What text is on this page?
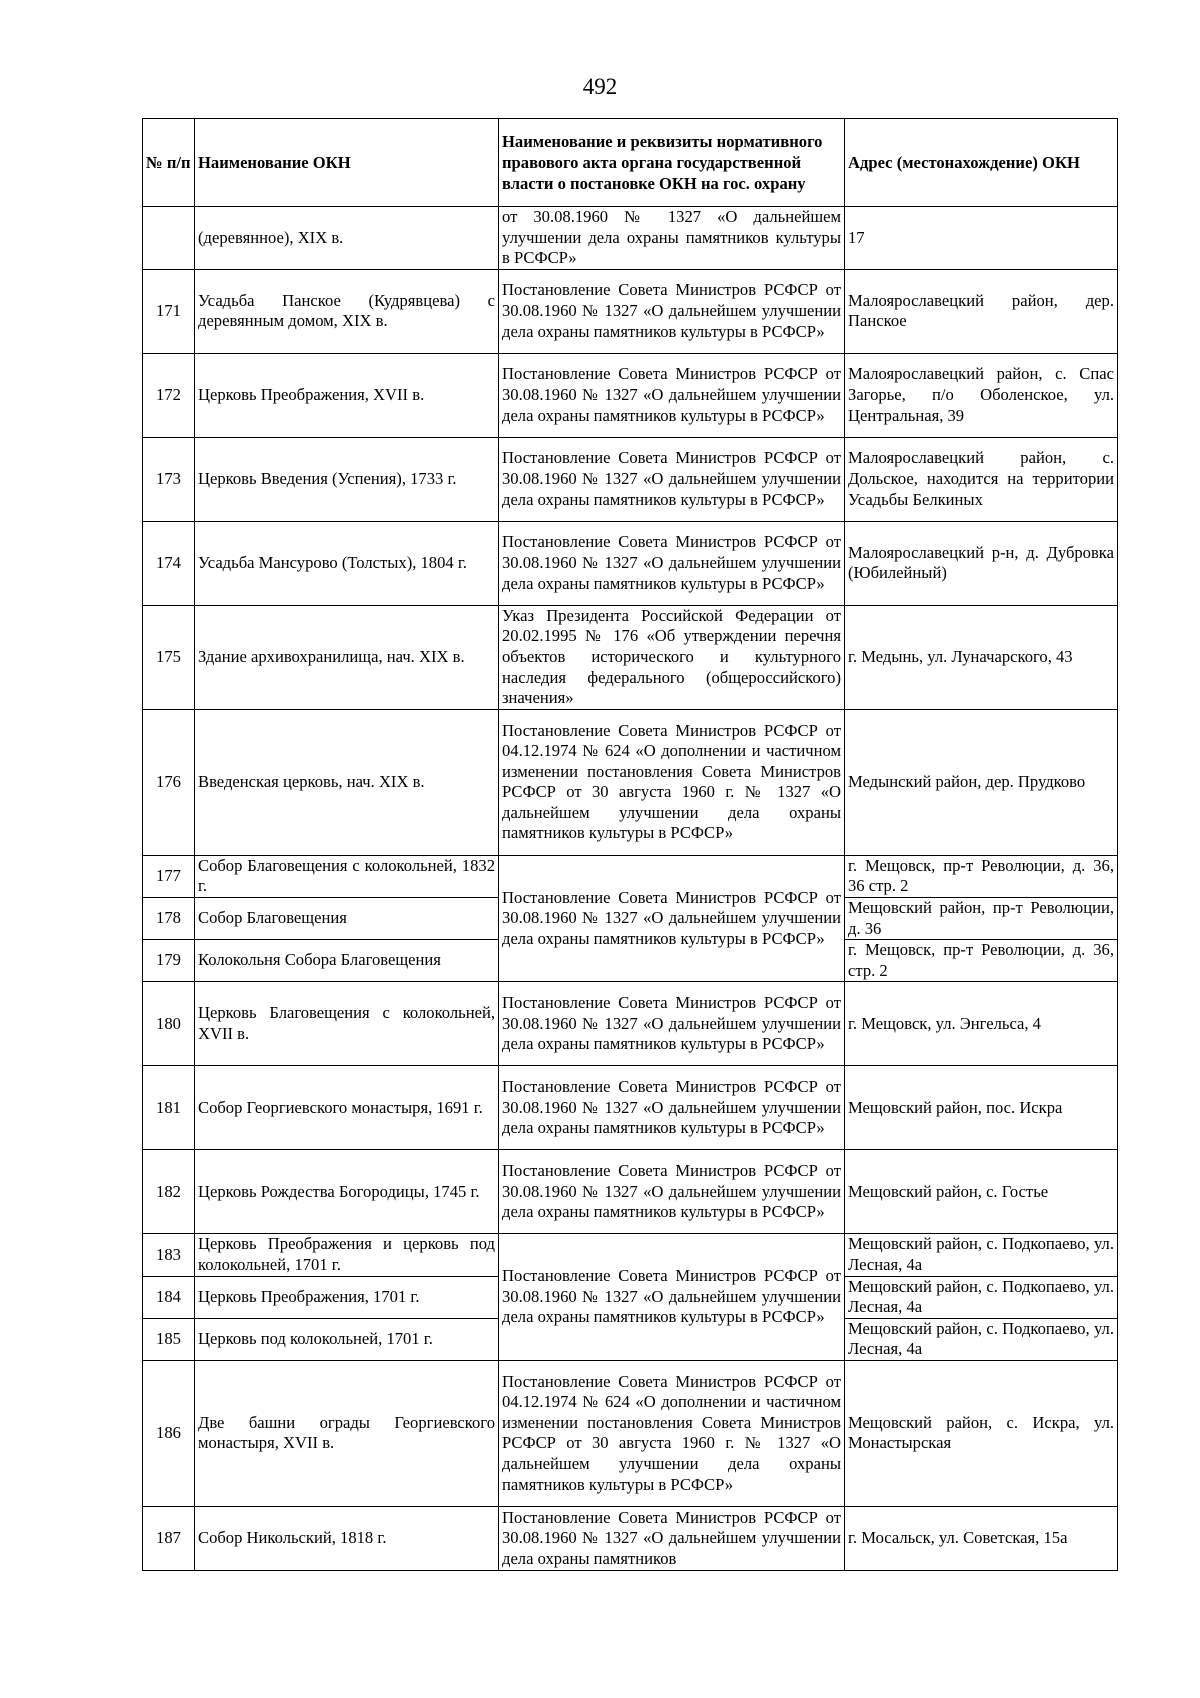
492
№ п/п	Наименование ОКН	Наименование и реквизиты нормативного правового акта органа государственной власти о постановке ОКН на гос. охрану	Адрес (местонахождение) ОКН
	(деревянное), XIX в.	от 30.08.1960 № 1327 «О дальнейшем улучшении дела охраны памятников культуры в РСФСР»	17
171	Усадьба Панское (Кудрявцева) с деревянным домом, XIX в.	Постановление Совета Министров РСФСР от 30.08.1960 № 1327 «О дальнейшем улучшении дела охраны памятников культуры в РСФСР»	Малоярославецкий район, дер. Панское
172	Церковь Преображения, XVII в.	Постановление Совета Министров РСФСР от 30.08.1960 № 1327 «О дальнейшем улучшении дела охраны памятников культуры в РСФСР»	Малоярославецкий район, с. Спас Загорье, п/о Оболенское, ул. Центральная, 39
173	Церковь Введения (Успения), 1733 г.	Постановление Совета Министров РСФСР от 30.08.1960 № 1327 «О дальнейшем улучшении дела охраны памятников культуры в РСФСР»	Малоярославецкий район, с. Дольское, находится на территории Усадьбы Белкиных
174	Усадьба Мансурово (Толстых), 1804 г.	Постановление Совета Министров РСФСР от 30.08.1960 № 1327 «О дальнейшем улучшении дела охраны памятников культуры в РСФСР»	Малоярославецкий р-н, д. Дубровка (Юбилейный)
175	Здание архивохранилища, нач. XIX в.	Указ Президента Российской Федерации от 20.02.1995 № 176 «Об утверждении перечня объектов исторического и культурного наследия федерального (общероссийского) значения»	г. Медынь, ул. Луначарского, 43
176	Введенская церковь, нач. XIX в.	Постановление Совета Министров РСФСР от 04.12.1974 № 624 «О дополнении и частичном изменении постановления Совета Министров РСФСР от 30 августа 1960 г. № 1327 «О дальнейшем улучшении дела охраны памятников культуры в РСФСР»	Медынский район, дер. Прудково
177	Собор Благовещения с колокольней, 1832 г.	Постановление Совета Министров РСФСР от 30.08.1960 № 1327 «О дальнейшем улучшении дела охраны памятников культуры в РСФСР»	г. Мещовск, пр-т Революции, д. 36, 36 стр. 2
178	Собор Благовещения		Мещовский район, пр-т Революции, д. 36
179	Колокольня Собора Благовещения		г. Мещовск, пр-т Революции, д. 36, стр. 2
180	Церковь Благовещения с колокольней, XVII в.	Постановление Совета Министров РСФСР от 30.08.1960 № 1327 «О дальнейшем улучшении дела охраны памятников культуры в РСФСР»	г. Мещовск, ул. Энгельса, 4
181	Собор Георгиевского монастыря, 1691 г.	Постановление Совета Министров РСФСР от 30.08.1960 № 1327 «О дальнейшем улучшении дела охраны памятников культуры в РСФСР»	Мещовский район, пос. Искра
182	Церковь Рождества Богородицы, 1745 г.	Постановление Совета Министров РСФСР от 30.08.1960 № 1327 «О дальнейшем улучшении дела охраны памятников культуры в РСФСР»	Мещовский район, с. Гостье
183	Церковь Преображения и церковь под колокольней, 1701 г.	Постановление Совета Министров РСФСР от 30.08.1960 № 1327 «О дальнейшем улучшении дела охраны памятников культуры в РСФСР»	Мещовский район, с. Подкопаево, ул. Лесная, 4а
184	Церковь Преображения, 1701 г.		Мещовский район, с. Подкопаево, ул. Лесная, 4а
185	Церковь под колокольней, 1701 г.		Мещовский район, с. Подкопаево, ул. Лесная, 4а
186	Две башни ограды Георгиевского монастыря, XVII в.	Постановление Совета Министров РСФСР от 04.12.1974 № 624 «О дополнении и частичном изменении постановления Совета Министров РСФСР от 30 августа 1960 г. № 1327 «О дальнейшем улучшении дела охраны памятников культуры в РСФСР»	Мещовский район, с. Искра, ул. Монастырская
187	Собор Никольский, 1818 г.	Постановление Совета Министров РСФСР от 30.08.1960 № 1327 «О дальнейшем улучшении дела охраны памятников	г. Мосальск, ул. Советская, 15а
